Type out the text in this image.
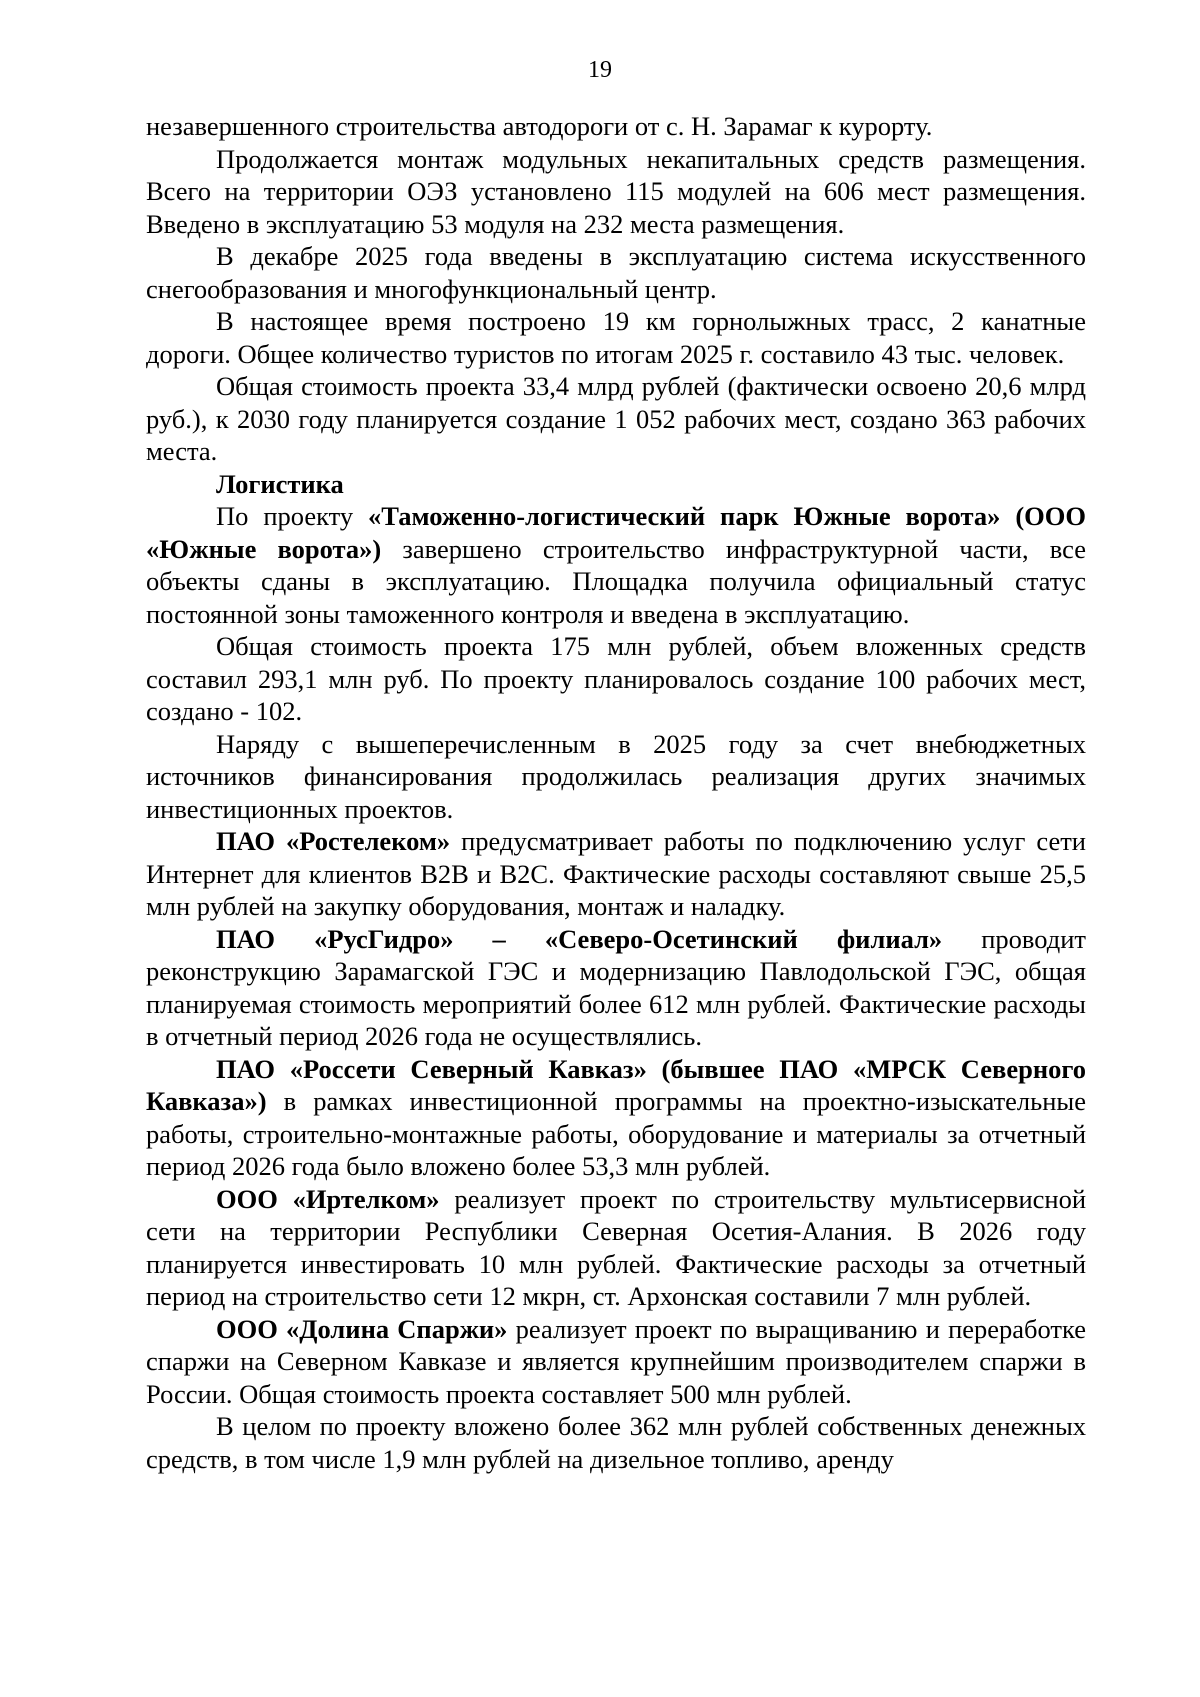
19

незавершенного строительства автодороги от с. Н. Зарамаг к курорту.

Продолжается монтаж модульных некапитальных средств размещения. Всего на территории ОЭЗ установлено 115 модулей на 606 мест размещения. Введено в эксплуатацию 53 модуля на 232 места размещения.

В декабре 2025 года введены в эксплуатацию система искусственного снегообразования и многофункциональный центр.

В настоящее время построено 19 км горнолыжных трасс, 2 канатные дороги. Общее количество туристов по итогам 2025 г. составило 43 тыс. человек.

Общая стоимость проекта 33,4 млрд рублей (фактически освоено 20,6 млрд руб.), к 2030 году планируется создание 1 052 рабочих мест, создано 363 рабочих места.

Логистика

По проекту «Таможенно-логистический парк Южные ворота» (ООО «Южные ворота») завершено строительство инфраструктурной части, все объекты сданы в эксплуатацию. Площадка получила официальный статус постоянной зоны таможенного контроля и введена в эксплуатацию.

Общая стоимость проекта 175 млн рублей, объем вложенных средств составил 293,1 млн руб. По проекту планировалось создание 100 рабочих мест, создано - 102.

Наряду с вышеперечисленным в 2025 году за счет внебюджетных источников финансирования продолжилась реализация других значимых инвестиционных проектов.

ПАО «Ростелеком» предусматривает работы по подключению услуг сети Интернет для клиентов B2B и B2C. Фактические расходы составляют свыше 25,5 млн рублей на закупку оборудования, монтаж и наладку.

ПАО «РусГидро» – «Северо-Осетинский филиал» проводит реконструкцию Зарамагской ГЭС и модернизацию Павлодольской ГЭС, общая планируемая стоимость мероприятий более 612 млн рублей. Фактические расходы в отчетный период 2026 года не осуществлялись.

ПАО «Россети Северный Кавказ» (бывшее ПАО «МРСК Северного Кавказа») в рамках инвестиционной программы на проектно-изыскательные работы, строительно-монтажные работы, оборудование и материалы за отчетный период 2026 года было вложено более 53,3 млн рублей.

ООО «Иртелком» реализует проект по строительству мультисервисной сети на территории Республики Северная Осетия-Алания. В 2026 году планируется инвестировать 10 млн рублей. Фактические расходы за отчетный период на строительство сети 12 мкрн, ст. Архонская составили 7 млн рублей.

ООО «Долина Спаржи» реализует проект по выращиванию и переработке спаржи на Северном Кавказе и является крупнейшим производителем спаржи в России. Общая стоимость проекта составляет 500 млн рублей.

В целом по проекту вложено более 362 млн рублей собственных денежных средств, в том числе 1,9 млн рублей на дизельное топливо, аренду
